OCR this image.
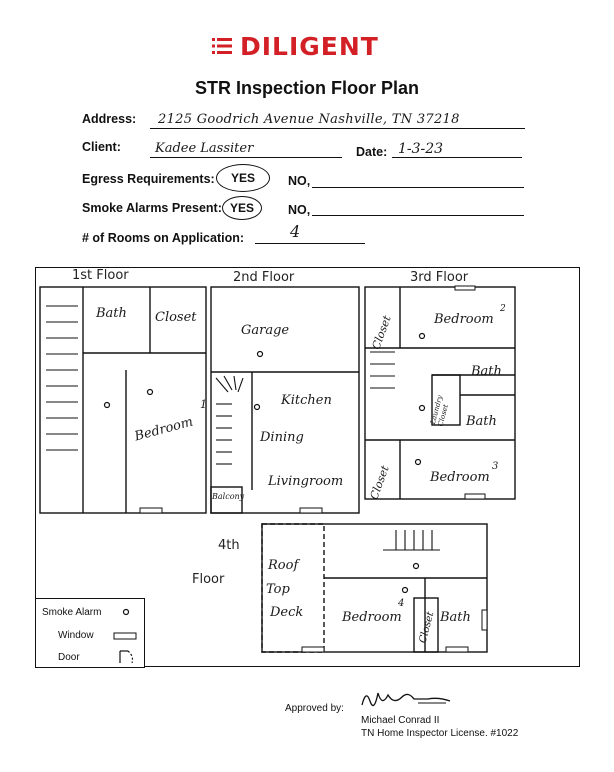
DILIGENT
STR Inspection Floor Plan
Address: 2125 Goodrich Avenue Nashville, TN 37218
Client:	Kadee Lassiter	Date: 1-3-23
Egress Requirements:	YES	NO,
Smoke Alarms Present: YES	NO,
# of Rooms on Application:	4
1st Floor	2nd Floor	3rd Floor
4th
Floor
Bath Closet
Bedroom
1
Garage
Kitchen
Dining
Livingroom
Balcony
Closet	Bedroom
2
Laundry Closet
Bath
Bath
Closet	Bedroom
3
Roof
Top
Deck	Bedroom
4
Closet Bath
Smoke Alarm
Window
Door
Approved by:
Michael Conrad II
TN Home Inspector License. #1022
